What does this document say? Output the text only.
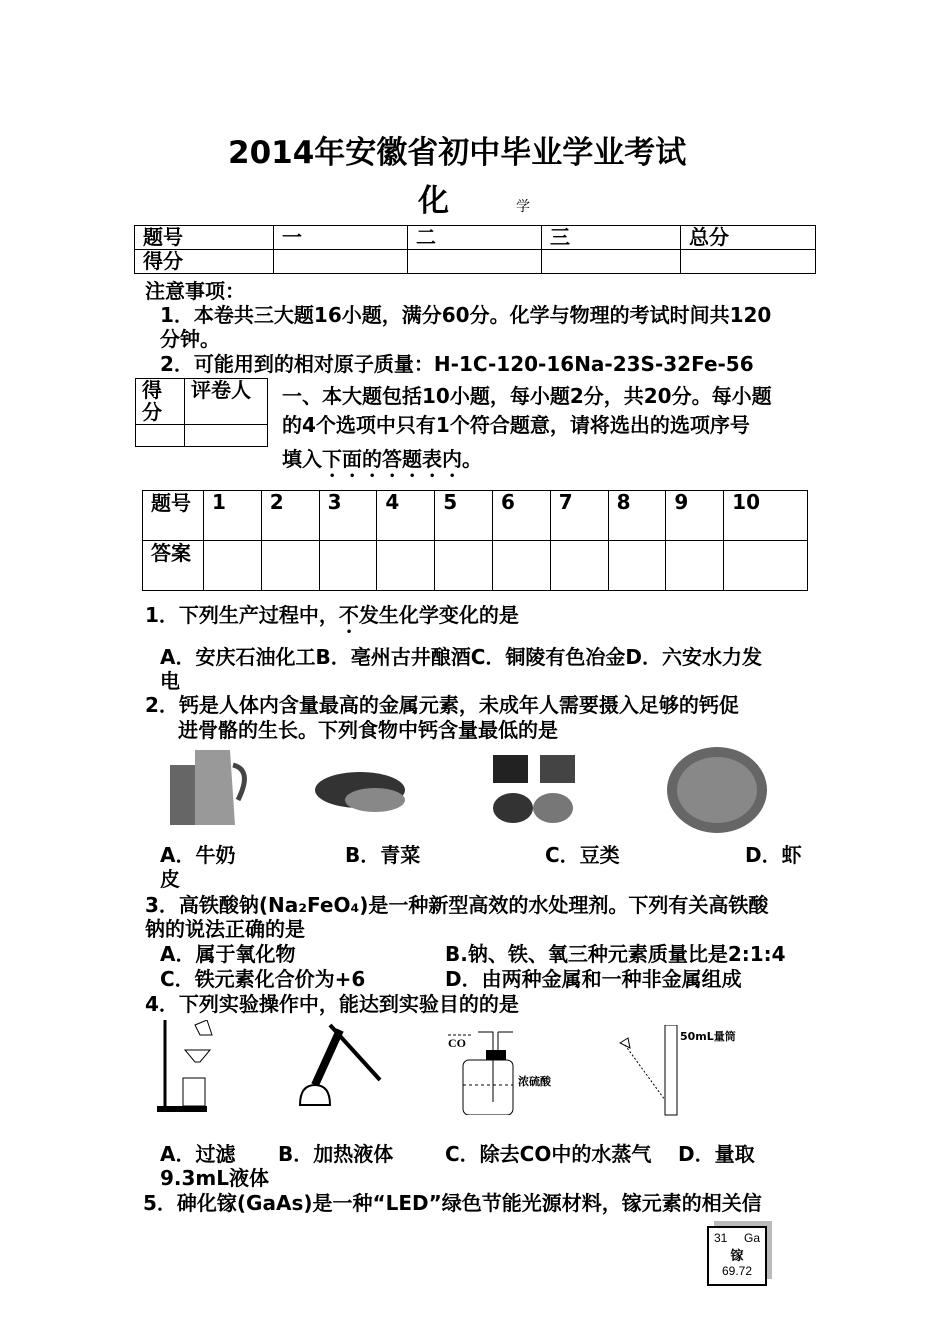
2014年安徽省初中毕业学业考试
化	学
题号	一	二	三	总分
得分				
注意事项：
1．本卷共三大题16小题，满分60分。化学与物理的考试时间共120
分钟。
2．可能用到的相对原子质量：H-1C-120-16Na-23S-32Fe-56
得分	评卷人
	一、本大题包括10小题，每小题2分，共20分。每小题
的4个选项中只有1个符合题意，请将选出的选项序号
填入下面的答题表内。
题号	1	2	3	4	5	6	7	8	9	10
答案										
1．下列生产过程中，不发生化学变化的是
A．安庆石油化工B．亳州古井酿酒C．铜陵有色冶金D．六安水力发
电
2．钙是人体内含量最高的金属元素，未成年人需要摄入足够的钙促
进骨骼的生长。下列食物中钙含量最低的是
A．牛奶	B．青菜	C．豆类	D．虾
皮
3．高铁酸钠(Na₂FeO₄)是一种新型高效的水处理剂。下列有关高铁酸
钠的说法正确的是
A．属于氧化物	B.钠、铁、氧三种元素质量比是2:1:4
C．铁元素化合价为+6	D．由两种金属和一种非金属组成
4．下列实验操作中，能达到实验目的的是
CO
浓硫酸
50mL量筒
A．过滤 B．加热液体	C．除去CO中的水蒸气 D．量取
9.3mL液体
5．砷化镓(GaAs)是一种“LED”绿色节能光源材料，镓元素的相关信
31 Ga
镓
69.72
